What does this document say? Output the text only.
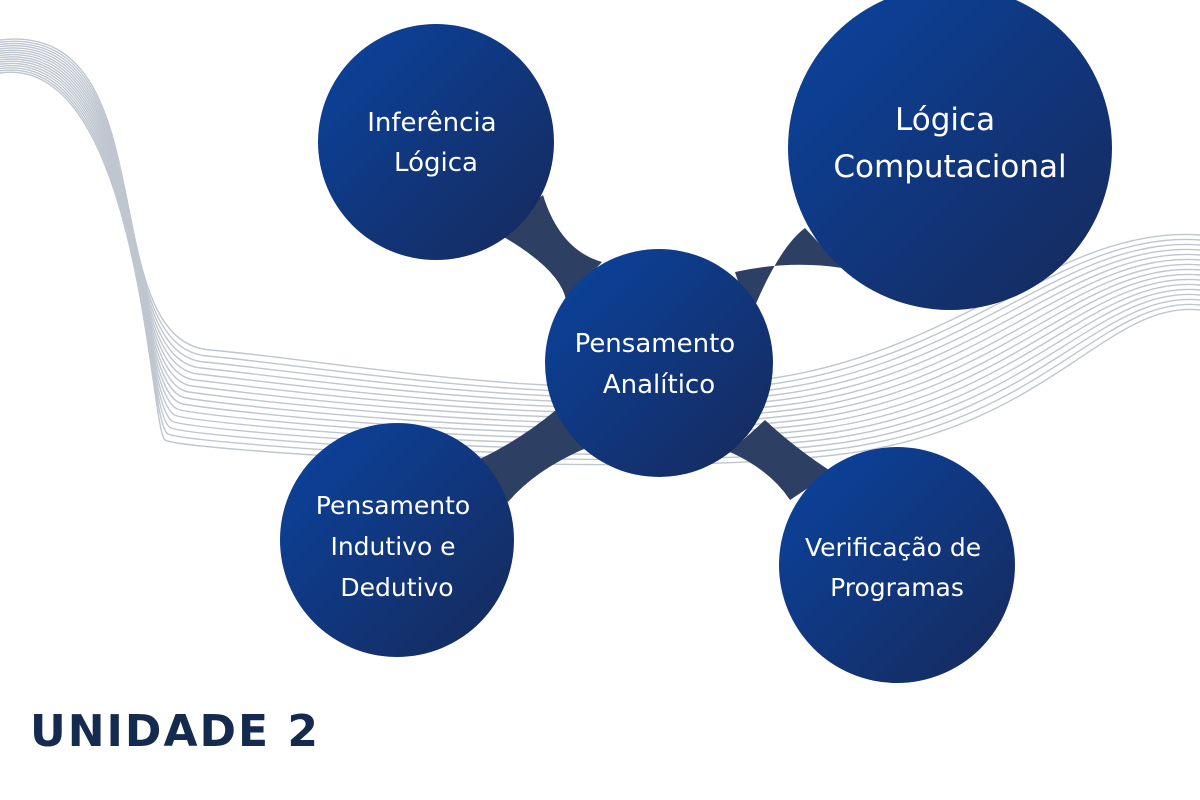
Inferência Lógica
Lógica Computacional
Pensamento Analítico
Pensamento Indutivo e Dedutivo
Verificação de Programas
UNIDADE 2
